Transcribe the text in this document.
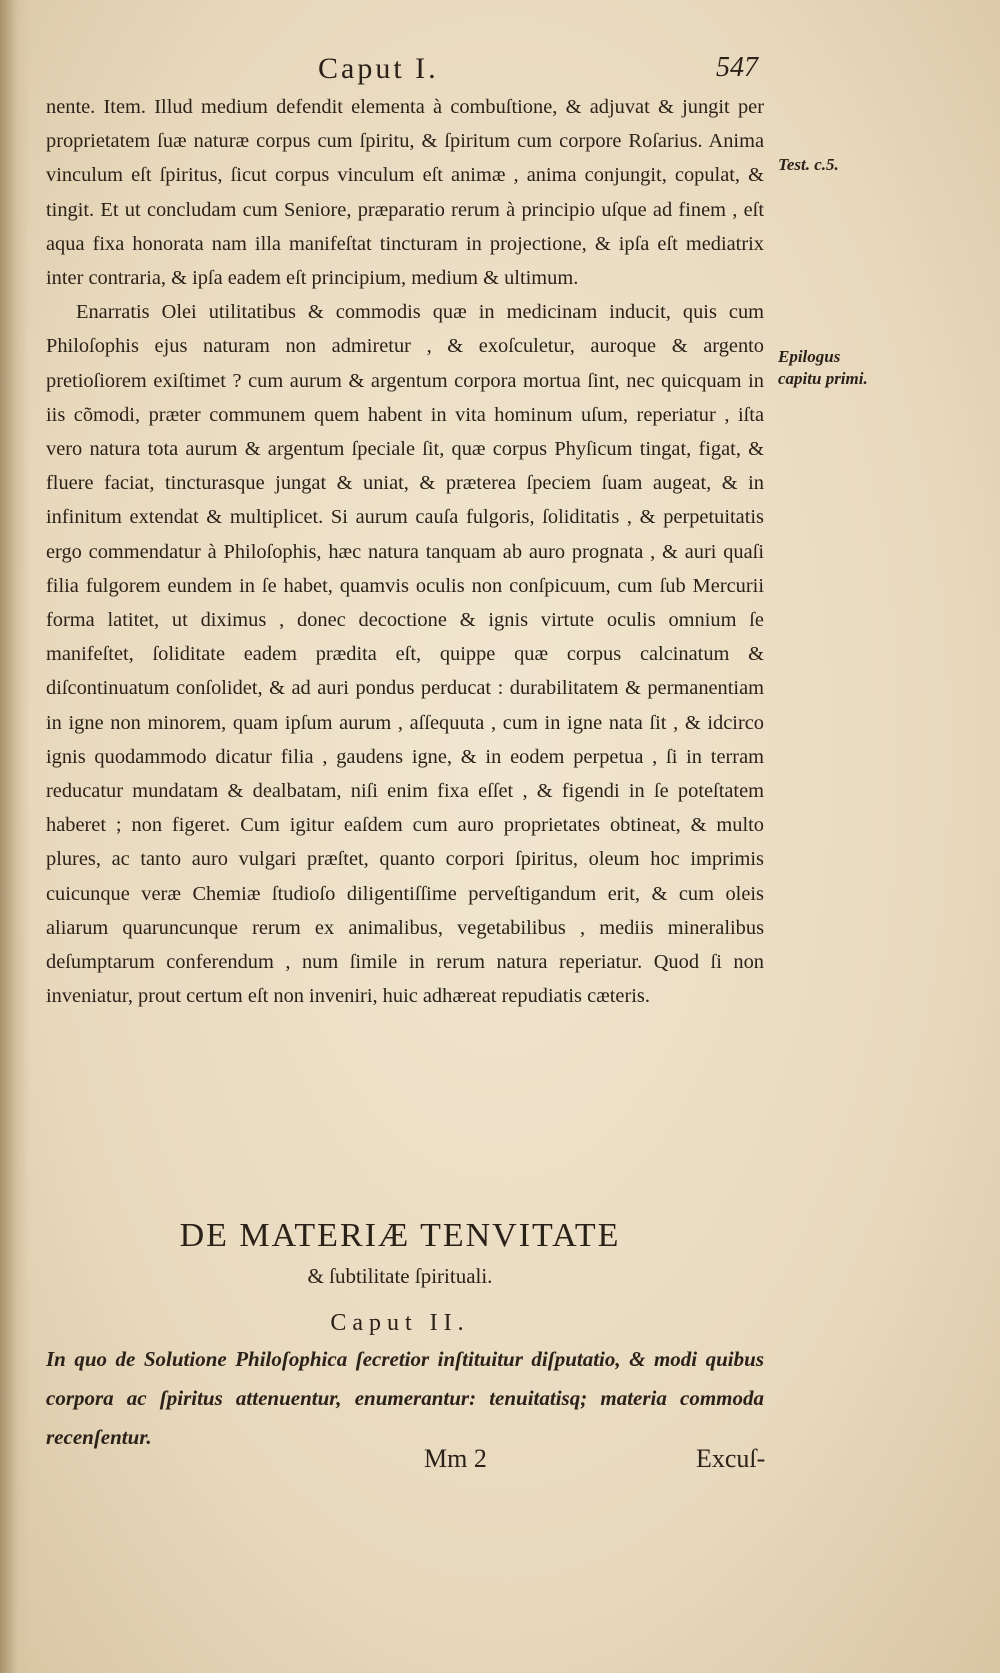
Caput I.	547

nente. Item. Illud medium defendit elementa à combuſtione, & adjuvat & jungit per proprietatem ſuæ naturæ corpus cum ſpiritu, & ſpiritum cum corpore Roſarius. Anima vinculum eſt ſpiritus, ſicut corpus vinculum eſt animæ , anima conjungit, copulat, & tingit. Et ut concludam cum Seniore, præparatio rerum à principio uſque ad finem , eſt aqua fixa honorata nam illa manifeſtat tincturam in projectione, & ipſa eſt mediatrix inter contraria, & ipſa eadem eſt principium, medium & ultimum.

Enarratis Olei utilitatibus & commodis quæ in medicinam inducit, quis cum Philoſophis ejus naturam non admiretur , & exoſculetur, auroque & argento pretioſiorem exiſtimet ? cum aurum & argentum corpora mortua ſint, nec quicquam in iis cõmodi, præter communem quem habent in vita hominum uſum, reperiatur , iſta vero natura tota aurum & argentum ſpeciale ſit, quæ corpus Phyſicum tingat, figat, & fluere faciat, tincturasque jungat & uniat, & præterea ſpeciem ſuam augeat, & in infinitum extendat & multiplicet. Si aurum cauſa fulgoris, ſoliditatis , & perpetuitatis ergo commendatur à Philoſophis, hæc natura tanquam ab auro prognata , & auri quaſi filia fulgorem eundem in ſe habet, quamvis oculis non conſpicuum, cum ſub Mercurii forma latitet, ut diximus , donec decoctione & ignis virtute oculis omnium ſe manifeſtet, ſoliditate eadem prædita eſt, quippe quæ corpus calcinatum & diſcontinuatum conſolidet, & ad auri pondus perducat : durabilitatem & permanentiam in igne non minorem, quam ipſum aurum , aſſequuta , cum in igne nata ſit , & idcirco ignis quodammodo dicatur filia , gaudens igne, & in eodem perpetua , ſi in terram reducatur mundatam & dealbatam, niſi enim fixa eſſet , & figendi in ſe poteſtatem haberet ; non figeret. Cum igitur eaſdem cum auro proprietates obtineat, & multo plures, ac tanto auro vulgari præſtet, quanto corpori ſpiritus, oleum hoc imprimis cuicunque veræ Chemiæ ſtudioſo diligentiſſime perveſtigandum erit, & cum oleis aliarum quaruncunque rerum ex animalibus, vegetabilibus , mediis mineralibus deſumptarum conferendum , num ſimile in rerum natura reperiatur. Quod ſi non inveniatur, prout certum eſt non inveniri, huic adhæreat repudiatis cæteris.

Test. c.5.
Epilogus capitu primi.
DE MATERIÆ TENVITATE
& ſubtilitate ſpirituali.
Caput II.
In quo de Solutione Philoſophica ſecretior inſtituitur diſputatio, & modi quibus corpora ac ſpiritus attenuentur, enumerantur: tenuitatisq; materia commoda recenſentur.
Mm 2	Excuſ-
